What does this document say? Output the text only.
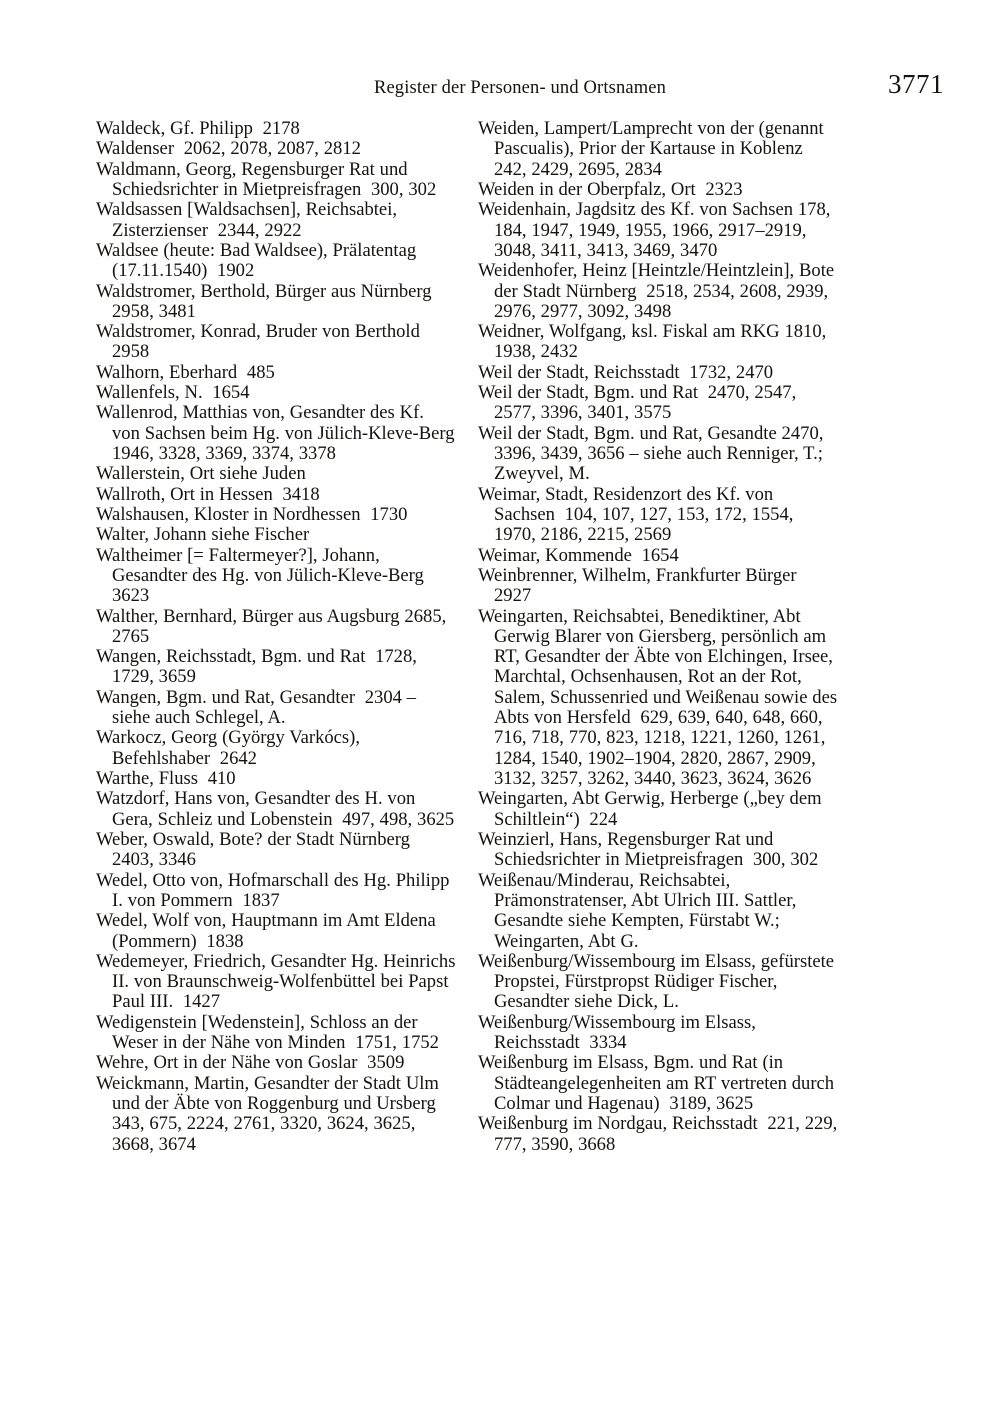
Register der Personen- und Ortsnamen	3771

Waldeck, Gf. Philipp  2178

Waldenser  2062, 2078, 2087, 2812

Waldmann, Georg, Regensburger Rat und Schiedsrichter in Mietpreisfragen  300, 302

Waldsassen [Waldsachsen], Reichsabtei, Zisterzienser  2344, 2922

Waldsee (heute: Bad Waldsee), Prälatentag (17.11.1540)  1902

Waldstromer, Berthold, Bürger aus Nürnberg 2958, 3481

Waldstromer, Konrad, Bruder von Berthold 2958

Walhorn, Eberhard  485

Wallenfels, N.  1654

Wallenrod, Matthias von, Gesandter des Kf. von Sachsen beim Hg. von Jülich-Kleve-Berg  1946, 3328, 3369, 3374, 3378

Wallerstein, Ort siehe Juden

Wallroth, Ort in Hessen  3418

Walshausen, Kloster in Nordhessen  1730

Walter, Johann siehe Fischer

Waltheimer [= Faltermeyer?], Johann, Gesandter des Hg. von Jülich-Kleve-Berg 3623

Walther, Bernhard, Bürger aus Augsburg 2685, 2765

Wangen, Reichsstadt, Bgm. und Rat  1728, 1729, 3659

Wangen, Bgm. und Rat, Gesandter  2304 – siehe auch Schlegel, A.

Warkocz, Georg (György Varkócs), Befehlshaber  2642

Warthe, Fluss  410

Watzdorf, Hans von, Gesandter des H. von Gera, Schleiz und Lobenstein  497, 498, 3625

Weber, Oswald, Bote? der Stadt Nürnberg 2403, 3346

Wedel, Otto von, Hofmarschall des Hg. Philipp I. von Pommern  1837

Wedel, Wolf von, Hauptmann im Amt Eldena (Pommern)  1838

Wedemeyer, Friedrich, Gesandter Hg. Heinrichs II. von Braunschweig-Wolfenbüttel bei Papst Paul III.  1427

Wedigenstein [Wedenstein], Schloss an der Weser in der Nähe von Minden  1751, 1752

Wehre, Ort in der Nähe von Goslar  3509

Weickmann, Martin, Gesandter der Stadt Ulm und der Äbte von Roggenburg und Ursberg  343, 675, 2224, 2761, 3320, 3624, 3625, 3668, 3674

Weiden, Lampert/Lamprecht von der (genannt Pascualis), Prior der Kartause in Koblenz  242, 2429, 2695, 2834

Weiden in der Oberpfalz, Ort  2323

Weidenhain, Jagdsitz des Kf. von Sachsen 178, 184, 1947, 1949, 1955, 1966, 2917–2919, 3048, 3411, 3413, 3469, 3470

Weidenhofer, Heinz [Heintzle/Heintzlein], Bote der Stadt Nürnberg  2518, 2534, 2608, 2939, 2976, 2977, 3092, 3498

Weidner, Wolfgang, ksl. Fiskal am RKG 1810, 1938, 2432

Weil der Stadt, Reichsstadt  1732, 2470

Weil der Stadt, Bgm. und Rat  2470, 2547, 2577, 3396, 3401, 3575

Weil der Stadt, Bgm. und Rat, Gesandte 2470, 3396, 3439, 3656 – siehe auch Renniger, T.; Zweyvel, M.

Weimar, Stadt, Residenzort des Kf. von Sachsen  104, 107, 127, 153, 172, 1554, 1970, 2186, 2215, 2569

Weimar, Kommende  1654

Weinbrenner, Wilhelm, Frankfurter Bürger 2927

Weingarten, Reichsabtei, Benediktiner, Abt Gerwig Blarer von Giersberg, persönlich am RT, Gesandter der Äbte von Elchingen, Irsee, Marchtal, Ochsenhausen, Rot an der Rot, Salem, Schussenried und Weißenau sowie des Abts von Hersfeld  629, 639, 640, 648, 660, 716, 718, 770, 823, 1218, 1221, 1260, 1261, 1284, 1540, 1902–1904, 2820, 2867, 2909, 3132, 3257, 3262, 3440, 3623, 3624, 3626

Weingarten, Abt Gerwig, Herberge („bey dem Schiltlein“)  224

Weinzierl, Hans, Regensburger Rat und Schiedsrichter in Mietpreisfragen  300, 302

Weißenau/Minderau, Reichsabtei, Prämonstratenser, Abt Ulrich III. Sattler, Gesandte siehe Kempten, Fürstabt W.; Weingarten, Abt G.

Weißenburg/Wissembourg im Elsass, gefürstete Propstei, Fürstpropst Rüdiger Fischer, Gesandter siehe Dick, L.

Weißenburg/Wissembourg im Elsass, Reichsstadt  3334

Weißenburg im Elsass, Bgm. und Rat (in Städteangelegenheiten am RT vertreten durch Colmar und Hagenau)  3189, 3625

Weißenburg im Nordgau, Reichsstadt  221, 229, 777, 3590, 3668
